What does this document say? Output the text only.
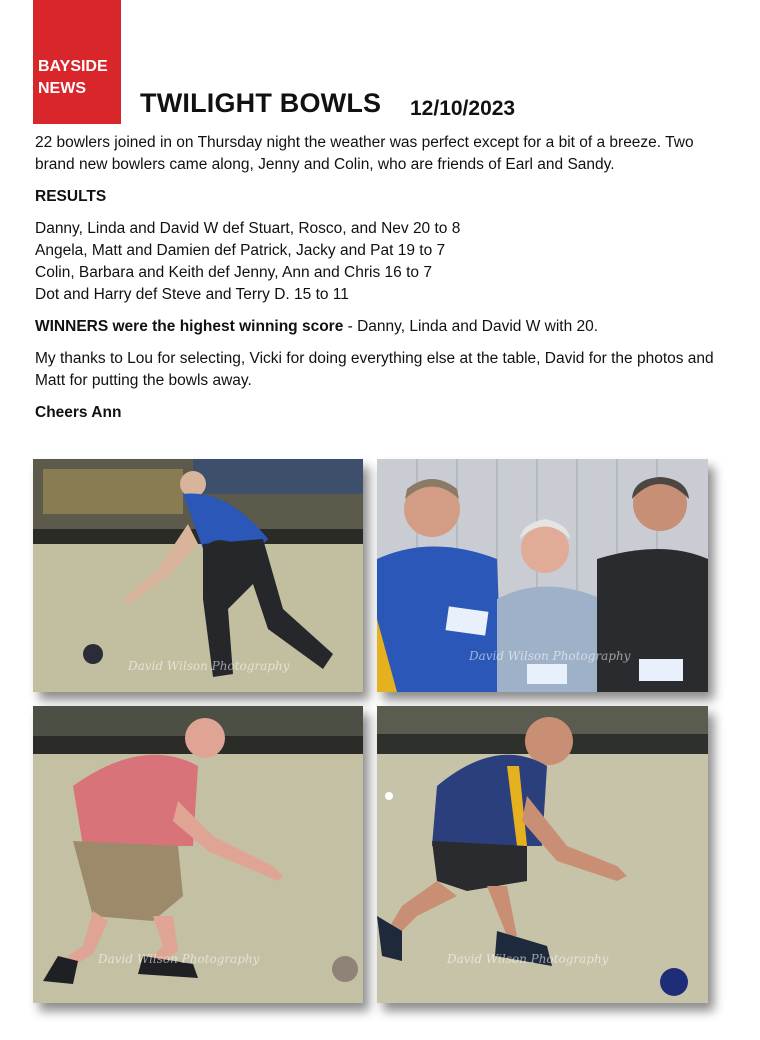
BAYSIDE
NEWS	TWILIGHT BOWLS 12/10/2023

22 bowlers joined in on Thursday night the weather was perfect except for a bit of a breeze. Two brand new bowlers came along, Jenny and Colin, who are friends of Earl and Sandy.

RESULTS

Danny, Linda and David W def Stuart, Rosco, and Nev 20 to 8
Angela, Matt and Damien def Patrick, Jacky and Pat 19 to 7
Colin, Barbara and Keith def Jenny, Ann and Chris 16 to 7
Dot and Harry def Steve and Terry D. 15 to 11

WINNERS were the highest winning score - Danny, Linda and David W with 20.

My thanks to Lou for selecting, Vicki for doing everything else at the table, David for the photos and Matt for putting the bowls away.

Cheers Ann

David Wilson Photography
David Wilson Photography
David Wilson Photography	David Wilson Photography
